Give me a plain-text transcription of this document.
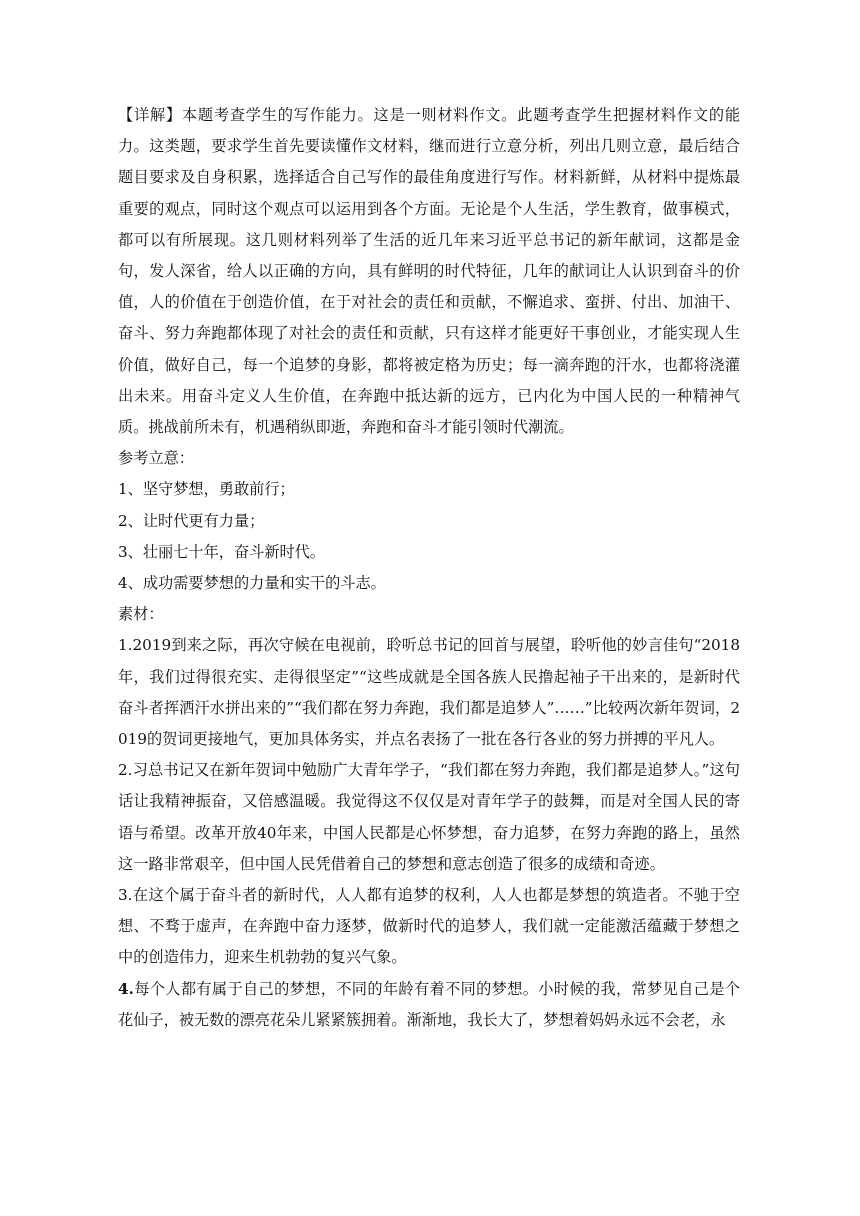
【详解】本题考查学生的写作能力。这是一则材料作文。此题考查学生把握材料作文的能力。这类题，要求学生首先要读懂作文材料，继而进行立意分析，列出几则立意，最后结合题目要求及自身积累，选择适合自己写作的最佳角度进行写作。材料新鲜，从材料中提炼最重要的观点，同时这个观点可以运用到各个方面。无论是个人生活，学生教育，做事模式，都可以有所展现。这几则材料列举了生活的近几年来习近平总书记的新年献词，这都是金句，发人深省，给人以正确的方向，具有鲜明的时代特征，几年的献词让人认识到奋斗的价值，人的价值在于创造价值，在于对社会的责任和贡献，不懈追求、蛮拼、付出、加油干、奋斗、努力奔跑都体现了对社会的责任和贡献，只有这样才能更好干事创业，才能实现人生价值，做好自己，每一个追梦的身影，都将被定格为历史；每一滴奔跑的汗水，也都将浇灌出未来。用奋斗定义人生价值，在奔跑中抵达新的远方，已内化为中国人民的一种精神气质。挑战前所未有，机遇稍纵即逝，奔跑和奋斗才能引领时代潮流。

参考立意：

1、坚守梦想，勇敢前行；

2、让时代更有力量；

3、壮丽七十年，奋斗新时代。

4、成功需要梦想的力量和实干的斗志。

素材：

1.2019到来之际，再次守候在电视前，聆听总书记的回首与展望，聆听他的妙言佳句“2018年，我们过得很充实、走得很坚定”“这些成就是全国各族人民撸起袖子干出来的，是新时代奋斗者挥洒汗水拼出来的”“我们都在努力奔跑，我们都是追梦人”……”比较两次新年贺词，2019的贺词更接地气，更加具体务实，并点名表扬了一批在各行各业的努力拼搏的平凡人。

2.习总书记又在新年贺词中勉励广大青年学子，“我们都在努力奔跑，我们都是追梦人。”这句话让我精神振奋，又倍感温暖。我觉得这不仅仅是对青年学子的鼓舞，而是对全国人民的寄语与希望。改革开放40年来，中国人民都是心怀梦想，奋力追梦，在努力奔跑的路上，虽然这一路非常艰辛，但中国人民凭借着自己的梦想和意志创造了很多的成绩和奇迹。

3.在这个属于奋斗者的新时代，人人都有追梦的权利，人人也都是梦想的筑造者。不驰于空想、不骛于虚声，在奔跑中奋力逐梦，做新时代的追梦人，我们就一定能激活蕴藏于梦想之中的创造伟力，迎来生机勃勃的复兴气象。

4.每个人都有属于自己的梦想，不同的年龄有着不同的梦想。小时候的我，常梦见自己是个花仙子，被无数的漂亮花朵儿紧紧簇拥着。渐渐地，我长大了，梦想着妈妈永远不会老，永
